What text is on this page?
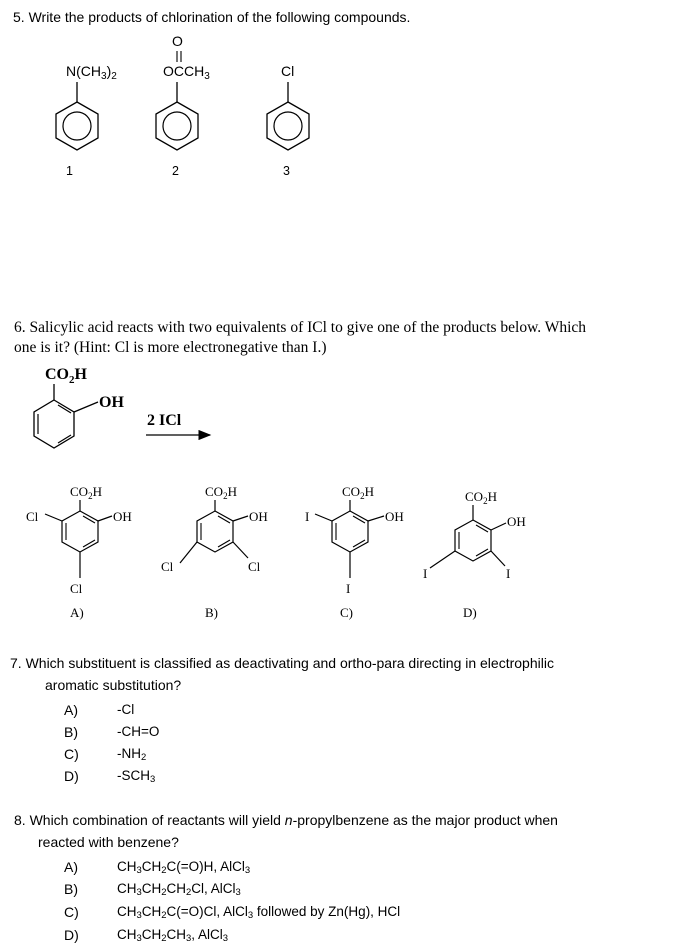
5. Write the products of chlorination of the following compounds.
$N(CH_3)_2$
1
O
$OCCH_3$
2
Cl
3
$CO_2H$
OH
2 ICl
$CO_2H$
OH
Cl
Cl
A)
$CO_2H$
OH
Cl	Cl
B)
$CO_2H$
OH
I
I
C)
$CO_2H$
OH
I	I
D)
6. Salicylic acid reacts with two equivalents of ICl to give one of the products below. Which
one is it? (Hint: Cl is more electronegative than I.)
7. Which substituent is classified as deactivating and ortho-para directing in electrophilic
aromatic substitution?
A)	-Cl
B)	-CH=O
C)	$-NH_2$
D)	$-SCH_3$
8. Which combination of reactants will yield n-propylbenzene as the major product when
reacted with benzene?
A)	$CH_3CH_2C(=O)H$, AlCl$_3$
B)	$CH_3CH_2CH_2Cl$, AlCl$_3$
C)	$CH_3CH_2C(=O)Cl$, AlCl$_3$ followed by Zn(Hg), HCl
D)	$CH_3CH_2CH_3$, AlCl$_3$
